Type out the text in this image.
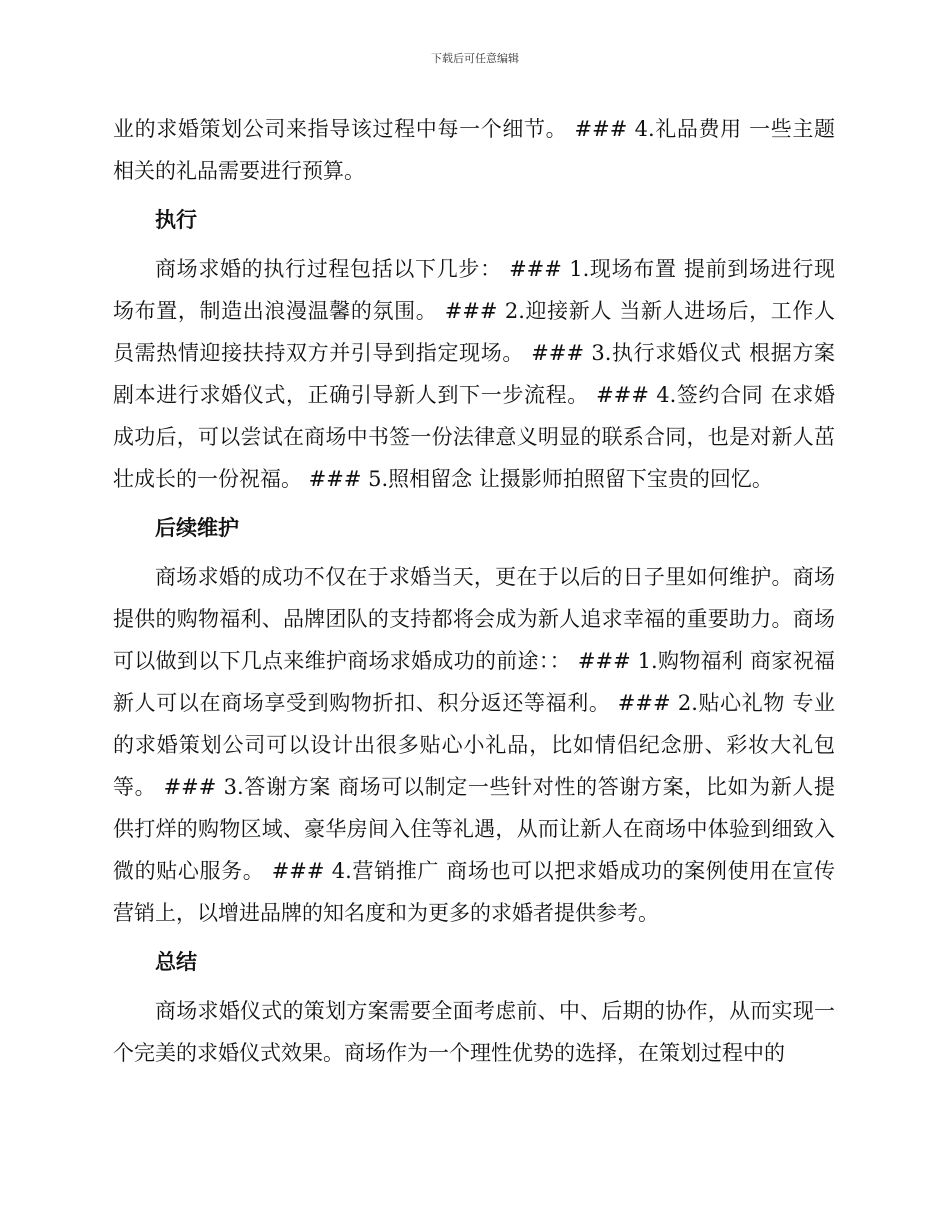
下载后可任意编辑

业的求婚策划公司来指导该过程中每一个细节。 ### 4.礼品费用 一些主题相关的礼品需要进行预算。

执行

商场求婚的执行过程包括以下几步： ### 1.现场布置 提前到场进行现场布置，制造出浪漫温馨的氛围。 ### 2.迎接新人 当新人进场后，工作人员需热情迎接扶持双方并引导到指定现场。 ### 3.执行求婚仪式 根据方案剧本进行求婚仪式，正确引导新人到下一步流程。 ### 4.签约合同 在求婚成功后，可以尝试在商场中书签一份法律意义明显的联系合同，也是对新人茁壮成长的一份祝福。 ### 5.照相留念 让摄影师拍照留下宝贵的回忆。

后续维护

商场求婚的成功不仅在于求婚当天，更在于以后的日子里如何维护。商场提供的购物福利、品牌团队的支持都将会成为新人追求幸福的重要助力。商场可以做到以下几点来维护商场求婚成功的前途：： ### 1.购物福利 商家祝福 新人可以在商场享受到购物折扣、积分返还等福利。 ### 2.贴心礼物 专业的求婚策划公司可以设计出很多贴心小礼品，比如情侣纪念册、彩妆大礼包等。 ### 3.答谢方案 商场可以制定一些针对性的答谢方案，比如为新人提供打烊的购物区域、豪华房间入住等礼遇，从而让新人在商场中体验到细致入微的贴心服务。 ### 4.营销推广 商场也可以把求婚成功的案例使用在宣传营销上，以增进品牌的知名度和为更多的求婚者提供参考。

总结

商场求婚仪式的策划方案需要全面考虑前、中、后期的协作，从而实现一个完美的求婚仪式效果。商场作为一个理性优势的选择，在策划过程中的
